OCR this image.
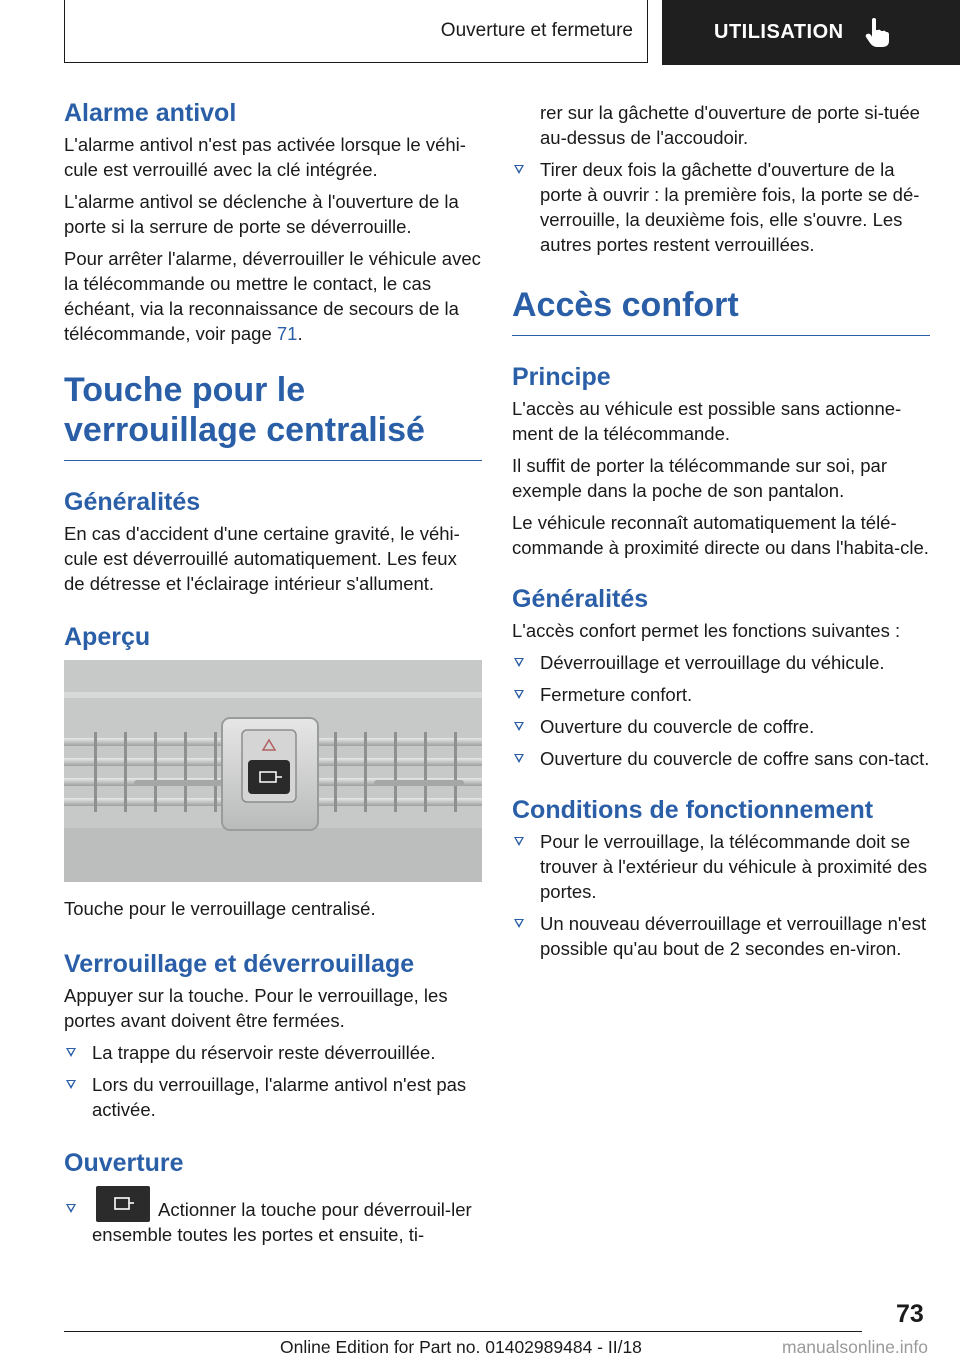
Ouverture et fermeture	UTILISATION
Alarme antivol

L'alarme antivol n'est pas activée lorsque le véhi‐cule est verrouillé avec la clé intégrée.

L'alarme antivol se déclenche à l'ouverture de la porte si la serrure de porte se déverrouille.

Pour arrêter l'alarme, déverrouiller le véhicule avec la télécommande ou mettre le contact, le cas échéant, via la reconnaissance de secours de la télécommande, voir page 71.

Touche pour le verrouillage centralisé
Généralités

En cas d'accident d'une certaine gravité, le véhi‐cule est déverrouillé automatiquement. Les feux de détresse et l'éclairage intérieur s'allument.

Aperçu

Touche pour le verrouillage centralisé.

Verrouillage et déverrouillage

Appuyer sur la touche. Pour le verrouillage, les portes avant doivent être fermées.

La trappe du réservoir reste déverrouillée.
Lors du verrouillage, l'alarme antivol n'est pas activée.
Ouverture
Actionner la touche pour déverrouil‐ler ensemble toutes les portes et ensuite, ti‐

rer sur la gâchette d'ouverture de porte si‐tuée au-dessus de l'accoudoir.

Tirer deux fois la gâchette d'ouverture de la porte à ouvrir : la première fois, la porte se dé‐verrouille, la deuxième fois, elle s'ouvre. Les autres portes restent verrouillées.
Accès confort
Principe

L'accès au véhicule est possible sans actionne‐ment de la télécommande.

Il suffit de porter la télécommande sur soi, par exemple dans la poche de son pantalon.

Le véhicule reconnaît automatiquement la télé‐commande à proximité directe ou dans l'habita‐cle.

Généralités

L'accès confort permet les fonctions suivantes :

Déverrouillage et verrouillage du véhicule.
Fermeture confort.
Ouverture du couvercle de coffre.
Ouverture du couvercle de coffre sans con‐tact.
Conditions de fonctionnement
Pour le verrouillage, la télécommande doit se trouver à l'extérieur du véhicule à proximité des portes.
Un nouveau déverrouillage et verrouillage n'est possible qu'au bout de 2 secondes en‐viron.
73
Online Edition for Part no. 01402989484 - II/18	manualsonline.info
